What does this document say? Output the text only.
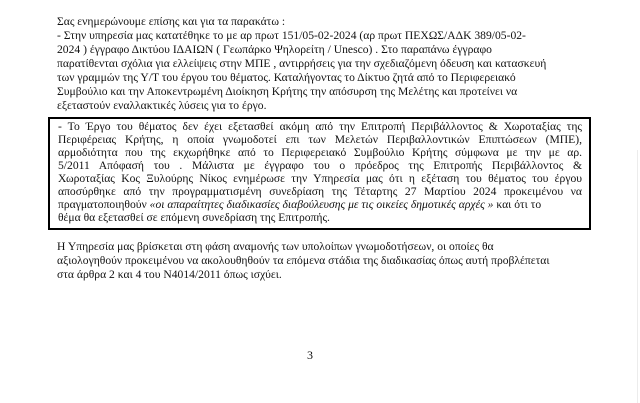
Σας ενημερώνουμε επίσης και για τα παρακάτω :
- Στην υπηρεσία μας κατατέθηκε το με αρ πρωτ 151/05-02-2024 (αρ πρωτ ΠΕΧΩΣ/ΑΔΚ 389/05-02-
2024 ) έγγραφο Δικτύου ΙΔΑΙΩΝ ( Γεωπάρκο Ψηλορείτη / Unesco) . Στο παραπάνω έγγραφο
παρατίθενται σχόλια για ελλείψεις στην ΜΠΕ , αντιρρήσεις για την σχεδιαζόμενη όδευση και κατασκευή
των γραμμών της Υ/Τ του έργου του θέματος. Καταλήγοντας το Δίκτυο ζητά από το Περιφερειακό
Συμβούλιο και την Αποκεντρωμένη Διοίκηση Κρήτης την απόσυρση της Μελέτης και προτείνει να
εξεταστούν εναλλακτικές λύσεις για το έργο.
- Το Έργο του θέματος δεν έχει εξετασθεί ακόμη από την Επιτροπή Περιβάλλοντος & Χωροταξίας της
Περιφέρειας Κρήτης, η οποία γνωμοδοτεί επι των Μελετών Περιβαλλοντικών Επιπτώσεων (ΜΠΕ),
αρμοδιότητα που της εκχωρήθηκε από το Περιφερειακό Συμβούλιο Κρήτης σύμφωνα με την με αρ.
5/2011 Απόφασή του . Μάλιστα με έγγραφο του ο πρόεδρος της Επιτροπής Περιβάλλοντος &
Χωροταξίας Κος Ξυλούρης Νίκος ενημέρωσε την Υπηρεσία μας ότι η εξέταση του θέματος του έργου
αποσύρθηκε από την προγραμματισμένη συνεδρίαση της Τέταρτης 27 Μαρτίου 2024 προκειμένου να
πραγματοποιηθούν «οι απαραίτητες διαδικασίες διαβούλευσης με τις οικείες δημοτικές αρχές » και ότι το
θέμα θα εξετασθεί σε επόμενη συνεδρίαση της Επιτροπής.
Η Υπηρεσία μας βρίσκεται στη φάση αναμονής των υπολοίπων γνωμοδοτήσεων, οι οποίες θα
αξιολογηθούν προκειμένου να ακολουθηθούν τα επόμενα στάδια της διαδικασίας όπως αυτή προβλέπεται
στα άρθρα 2 και 4 του Ν4014/2011 όπως ισχύει.
3
